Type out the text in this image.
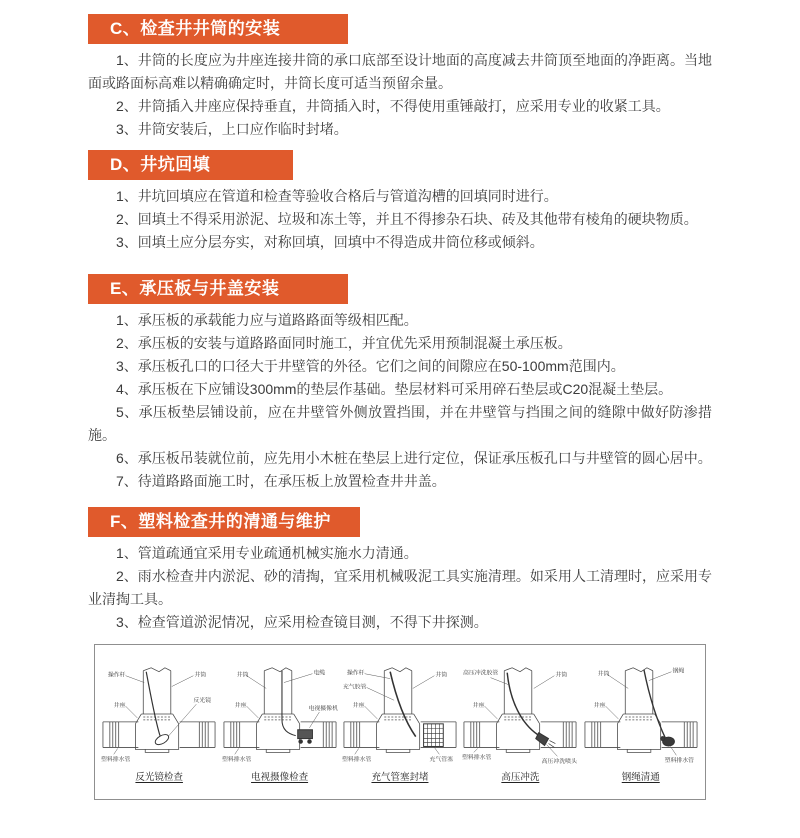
C、检查井井筒的安装

1、井筒的长度应为井座连接井筒的承口底部至设计地面的高度减去井筒顶至地面的净距离。当地面或路面标高难以精确确定时，井筒长度可适当预留余量。

2、井筒插入井座应保持垂直，井筒插入时，不得使用重锤敲打，应采用专业的收紧工具。

3、井筒安装后，上口应作临时封堵。

D、井坑回填

1、井坑回填应在管道和检查等验收合格后与管道沟槽的回填同时进行。

2、回填土不得采用淤泥、垃圾和冻土等，并且不得掺杂石块、砖及其他带有棱角的硬块物质。

3、回填土应分层夯实，对称回填，回填中不得造成井筒位移或倾斜。

E、承压板与井盖安装

1、承压板的承载能力应与道路路面等级相匹配。

2、承压板的安装与道路路面同时施工，并宜优先采用预制混凝土承压板。

3、承压板孔口的口径大于井壁管的外径。它们之间的间隙应在50-100mm范围内。

4、承压板在下应铺设300mm的垫层作基础。垫层材料可采用碎石垫层或C20混凝土垫层。

5、承压板垫层铺设前，应在井壁管外侧放置挡围，并在井壁管与挡围之间的缝隙中做好防渗措施。

6、承压板吊装就位前，应先用小木桩在垫层上进行定位，保证承压板孔口与井壁管的圆心居中。

7、待道路路面施工时，在承压板上放置检查井井盖。

F、塑料检查井的清通与维护

1、管道疏通宜采用专业疏通机械实施水力清通。

2、雨水检查井内淤泥、砂的清掏，宜采用机械吸泥工具实施清理。如采用人工清理时，应采用专业清掏工具。

3、检查管道淤泥情况，应采用检查镜目测，不得下井探测。

操作杆	井筒
井座
反光镜
塑料排水管
反光镜检查
井筒	电缆
井座	电视摄像机
塑料排水管
电视摄像检查
操作杆
充气胶管
井筒
井座
充气管塞
塑料排水管
充气管塞封堵
高压冲洗胶管	井筒
井座
高压冲洗喷头
塑料排水管
高压冲洗
井筒	钢绳
井座
塑料排水管
钢绳清通
